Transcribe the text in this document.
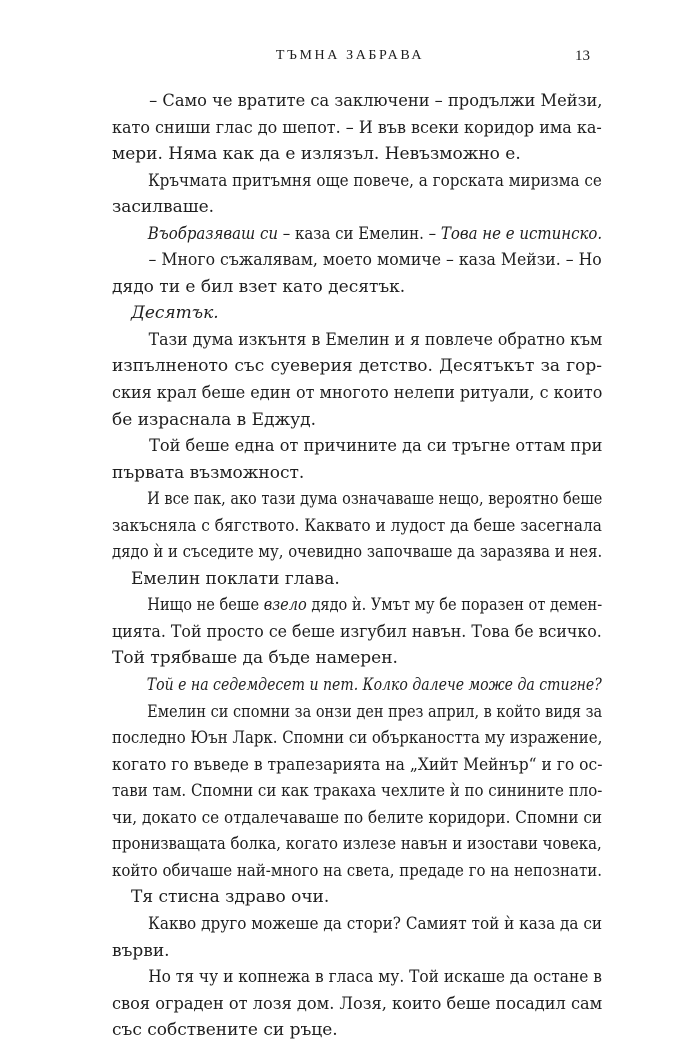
ТЪМНА ЗАБРАВА	13
– Само че вратите са заключени – продължи Мейзи,
като сниши глас до шепот. – И във всеки коридор има ка-
мери. Няма как да е излязъл. Невъзможно е.
Кръчмата притъмня още повече, а горската миризма се
засилваше.
Въобразяваш си – каза си Емелин. – Това не е истинско.
– Много съжалявам, моето момиче – каза Мейзи. – Но
дядо ти е бил взет като десятък.
Десятък.
Тази дума изкънтя в Емелин и я повлече обратно към
изпълненото със суеверия детство. Десятъкът за гор-
ския крал беше един от многото нелепи ритуали, с които
бе израснала в Еджуд.
Той беше една от причините да си тръгне оттам при
първата възможност.
И все пак, ако тази дума означаваше нещо, вероятно беше
закъсняла с бягството. Каквато и лудост да беше засегнала
дядо ѝ и съседите му, очевидно започваше да заразява и нея.
Емелин поклати глава.
Нищо не беше взело дядо ѝ. Умът му бе поразен от демен-
цията. Той просто се беше изгубил навън. Това бе всичко.
Той трябваше да бъде намерен.
Той е на седемдесет и пет. Колко далече може да стигне?
Емелин си спомни за онзи ден през април, в който видя за
последно Юън Ларк. Спомни си объркаността му изражение,
когато го въведе в трапезарията на „Хийт Мейнър“ и го ос-
тави там. Спомни си как тракаха чехлите ѝ по синините пло-
чи, докато се отдалечаваше по белите коридори. Спомни си
пронизващата болка, когато излезе навън и изостави човека,
който обичаше най-много на света, предаде го на непознати.
Тя стисна здраво очи.
Какво друго можеше да стори? Самият той ѝ каза да си
върви.
Но тя чу и копнежа в гласа му. Той искаше да остане в
своя ограден от лозя дом. Лозя, които беше посадил сам
със собствените си ръце.
